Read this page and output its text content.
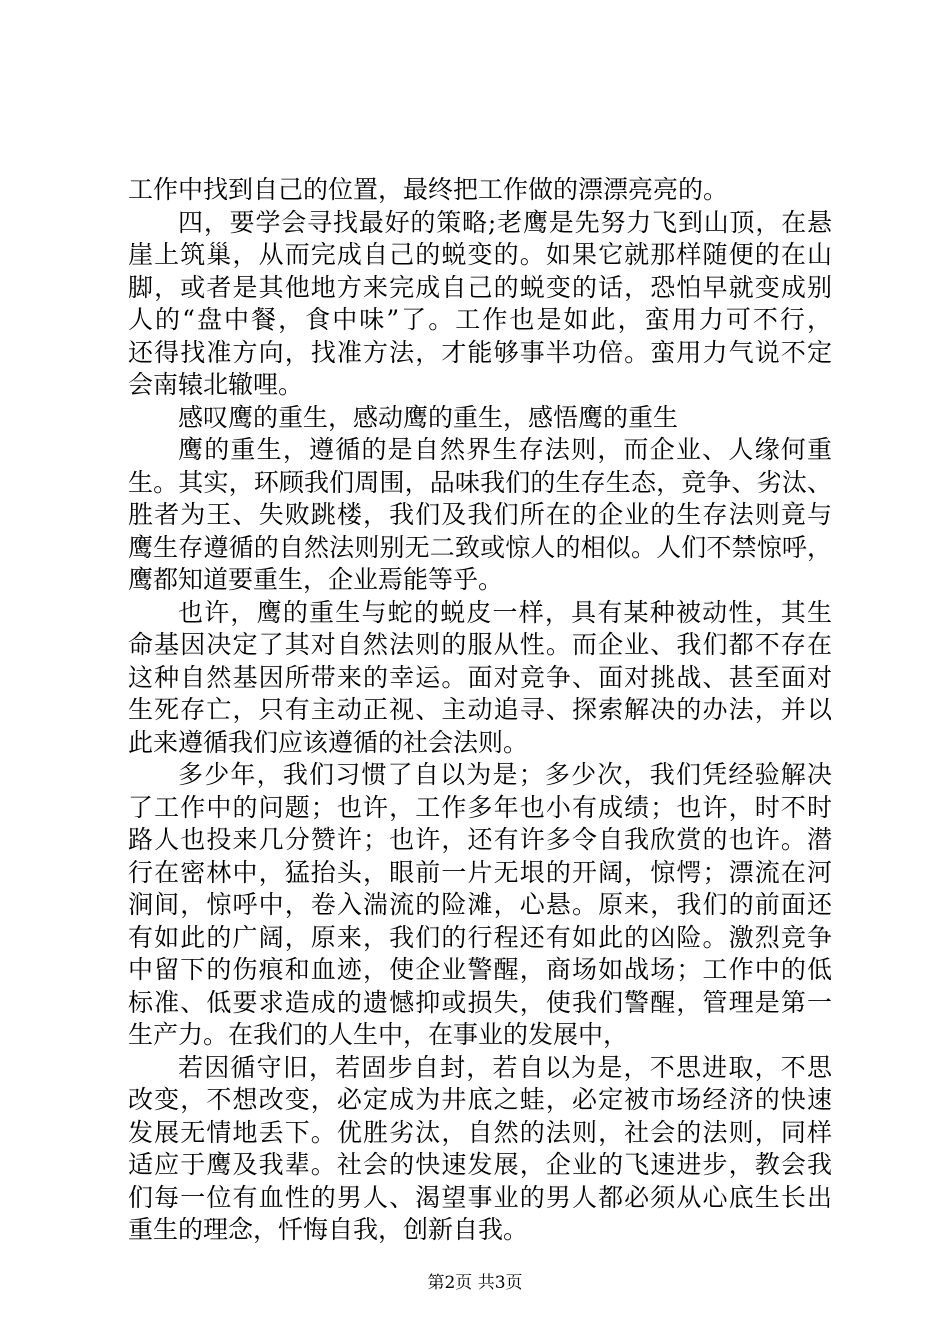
工作中找到自己的位置，最终把工作做的漂漂亮亮的。
四，要学会寻找最好的策略;老鹰是先努力飞到山顶，在悬
崖上筑巢，从而完成自己的蜕变的。如果它就那样随便的在山
脚，或者是其他地方来完成自己的蜕变的话，恐怕早就变成别
人的“盘中餐，食中味”了。工作也是如此，蛮用力可不行，
还得找准方向，找准方法，才能够事半功倍。蛮用力气说不定
会南辕北辙哩。
感叹鹰的重生，感动鹰的重生，感悟鹰的重生
鹰的重生，遵循的是自然界生存法则，而企业、人缘何重
生。其实，环顾我们周围，品味我们的生存生态，竞争、劣汰、
胜者为王、失败跳楼，我们及我们所在的企业的生存法则竟与
鹰生存遵循的自然法则别无二致或惊人的相似。人们不禁惊呼，
鹰都知道要重生，企业焉能等乎。
也许，鹰的重生与蛇的蜕皮一样，具有某种被动性，其生
命基因决定了其对自然法则的服从性。而企业、我们都不存在
这种自然基因所带来的幸运。面对竞争、面对挑战、甚至面对
生死存亡，只有主动正视、主动追寻、探索解决的办法，并以
此来遵循我们应该遵循的社会法则。
多少年，我们习惯了自以为是；多少次，我们凭经验解决
了工作中的问题；也许，工作多年也小有成绩；也许，时不时
路人也投来几分赞许；也许，还有许多令自我欣赏的也许。潜
行在密林中，猛抬头，眼前一片无垠的开阔，惊愕；漂流在河
涧间，惊呼中，卷入湍流的险滩，心悬。原来，我们的前面还
有如此的广阔，原来，我们的行程还有如此的凶险。激烈竞争
中留下的伤痕和血迹，使企业警醒，商场如战场；工作中的低
标准、低要求造成的遗憾抑或损失，使我们警醒，管理是第一
生产力。在我们的人生中，在事业的发展中，
若因循守旧，若固步自封，若自以为是，不思进取，不思
改变，不想改变，必定成为井底之蛙，必定被市场经济的快速
发展无情地丢下。优胜劣汰，自然的法则，社会的法则，同样
适应于鹰及我辈。社会的快速发展，企业的飞速进步，教会我
们每一位有血性的男人、渴望事业的男人都必须从心底生长出
重生的理念，忏悔自我，创新自我。
第2页 共3页
